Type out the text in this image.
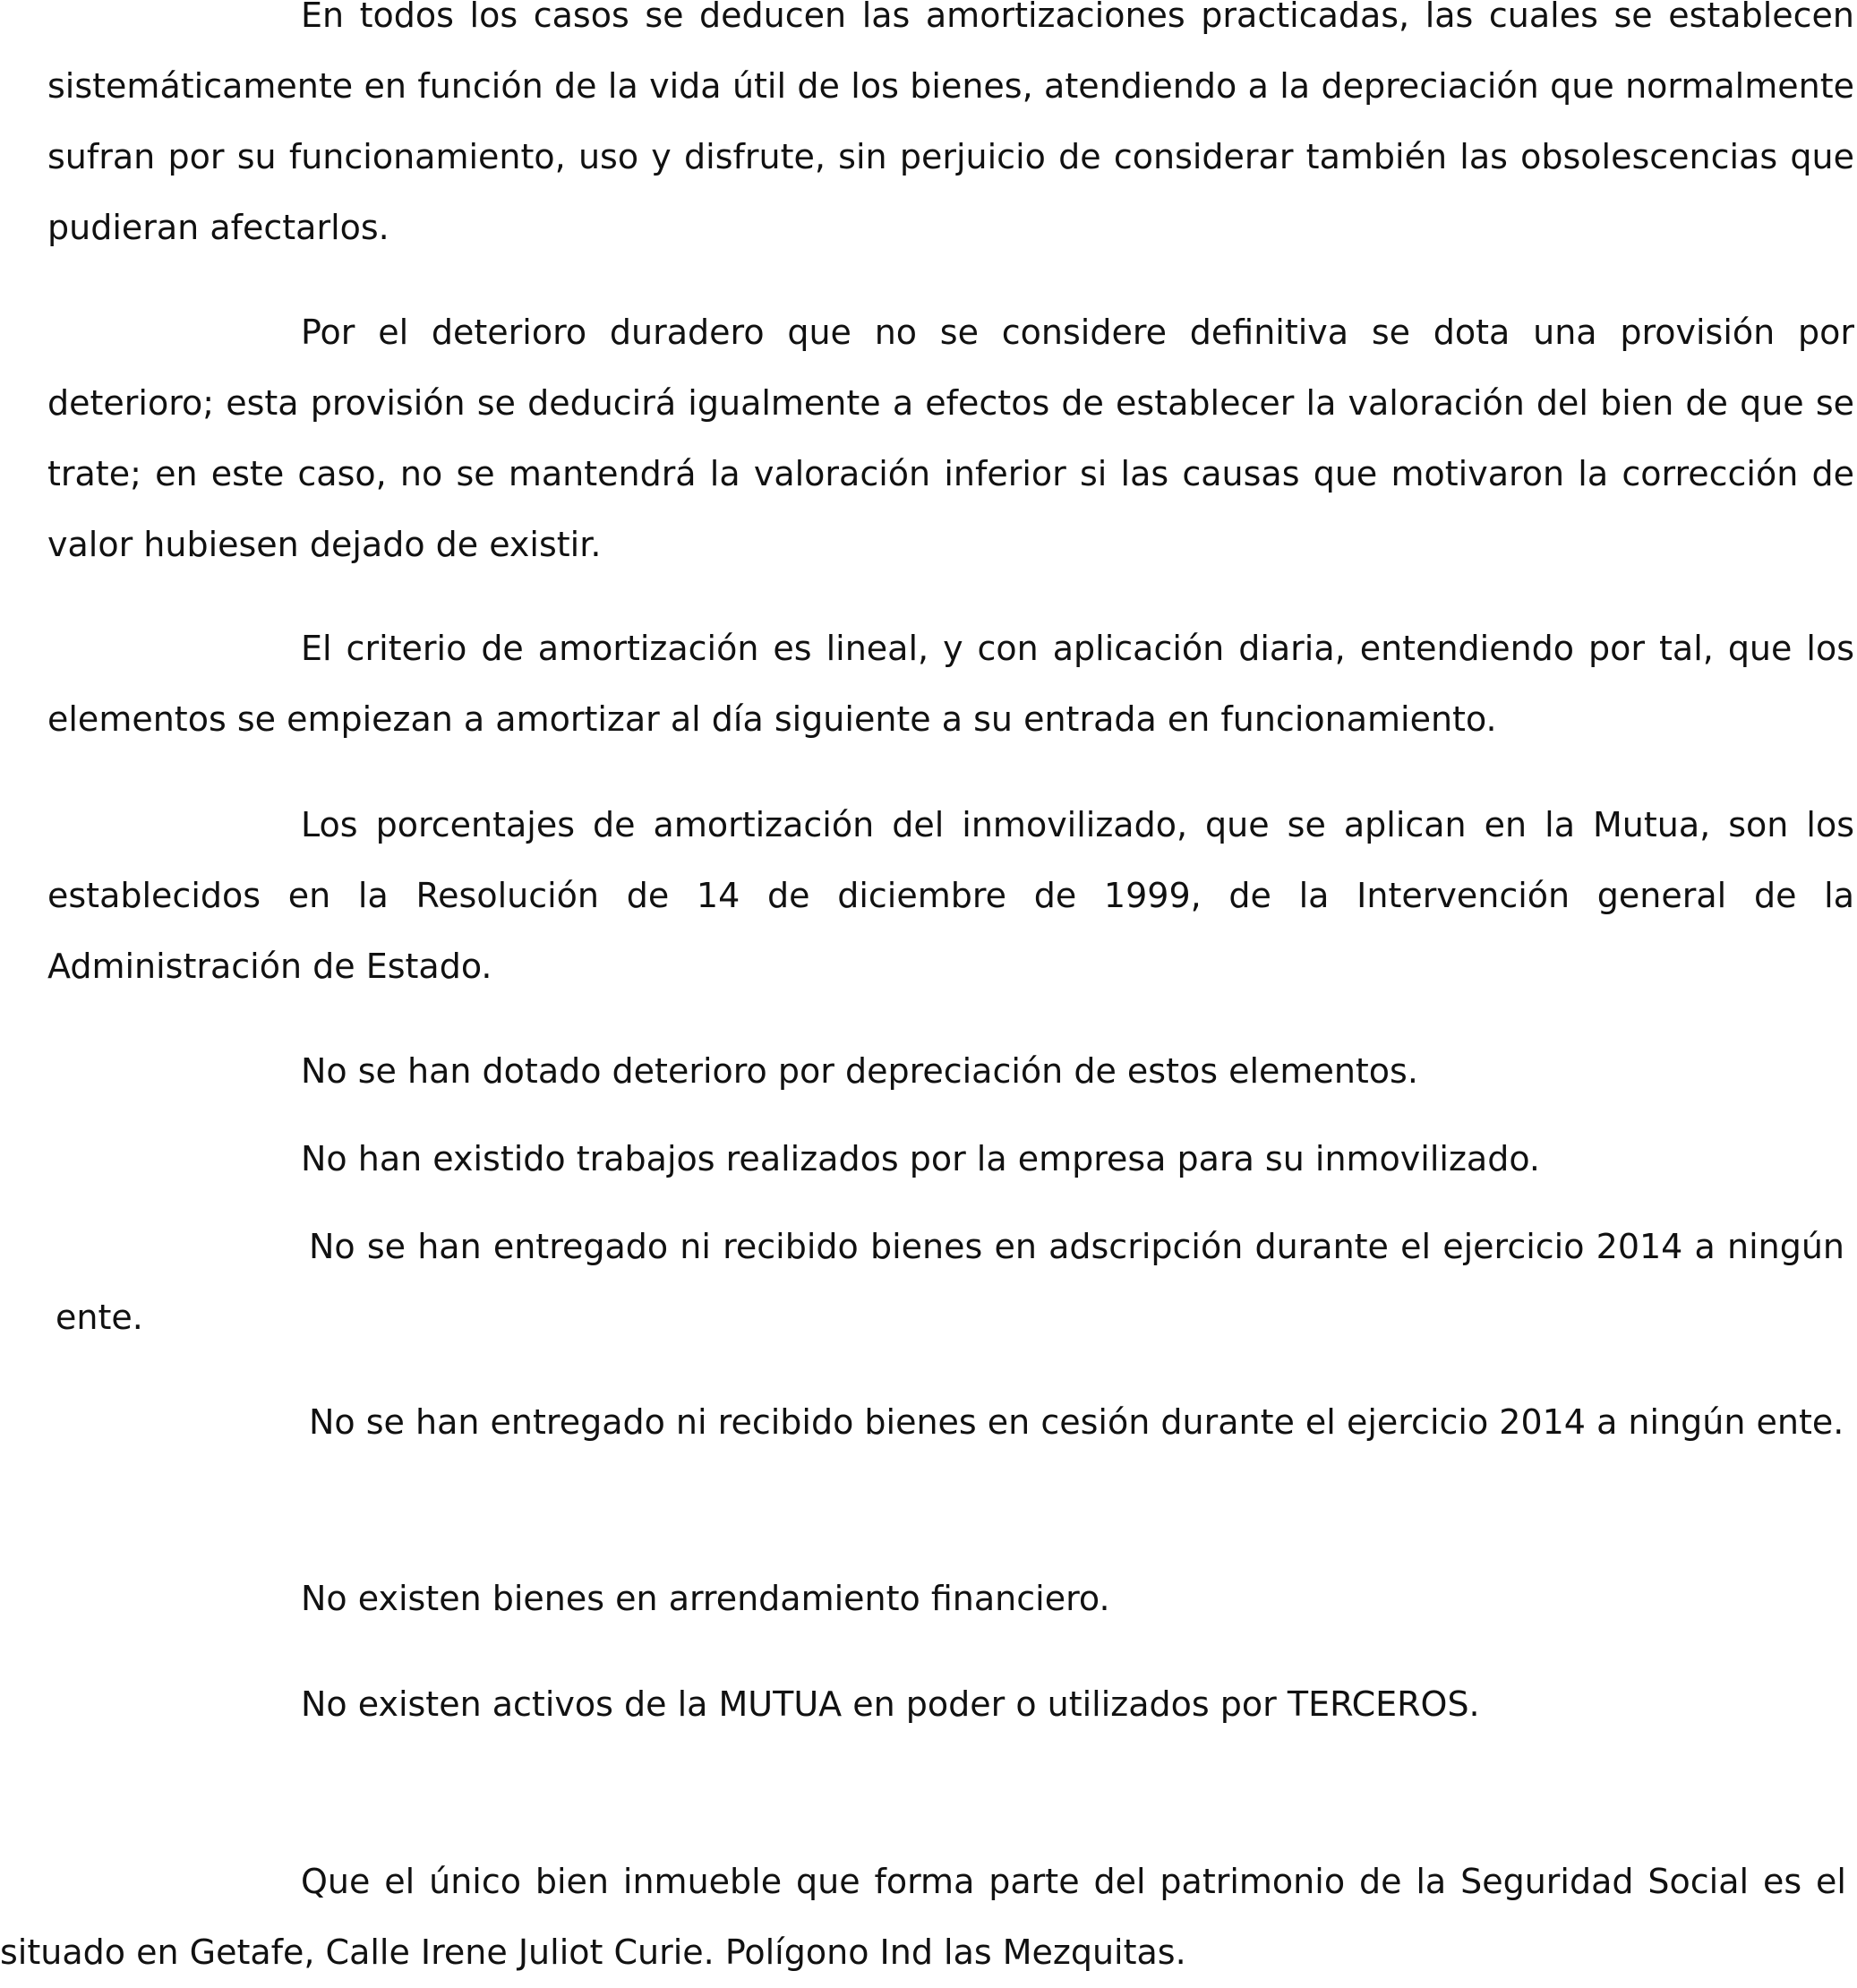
En todos los casos se deducen las amortizaciones practicadas, las cuales se establecen sistemáticamente en función de la vida útil de los bienes, atendiendo a la depreciación que normalmente sufran por su funcionamiento, uso y disfrute, sin perjuicio de considerar también las obsolescencias que pudieran afectarlos.

Por el deterioro duradero que no se considere definitiva se dota una provisión por deterioro; esta provisión se deducirá igualmente a efectos de establecer la valoración del bien de que se trate; en este caso, no se mantendrá la valoración inferior si las causas que motivaron la corrección de valor hubiesen dejado de existir.

El criterio de amortización es lineal, y con aplicación diaria, entendiendo por tal, que los elementos se empiezan a amortizar al día siguiente a su entrada en funcionamiento.

Los porcentajes de amortización del inmovilizado, que se aplican en la Mutua, son los establecidos en la Resolución de 14 de diciembre de 1999, de la Intervención general de la Administración de Estado.

No se han dotado deterioro por depreciación de estos elementos.

No han existido trabajos realizados por la empresa para su inmovilizado.

No se han entregado ni recibido bienes en adscripción durante el ejercicio 2014 a ningún ente.

No se han entregado ni recibido bienes en cesión durante el ejercicio 2014 a ningún ente.

No existen bienes en arrendamiento financiero.

No existen activos de la MUTUA en poder o utilizados por TERCEROS.

Que el único bien inmueble que forma parte del patrimonio de la Seguridad Social es el situado en Getafe, Calle Irene Juliot Curie. Polígono Ind las Mezquitas.
